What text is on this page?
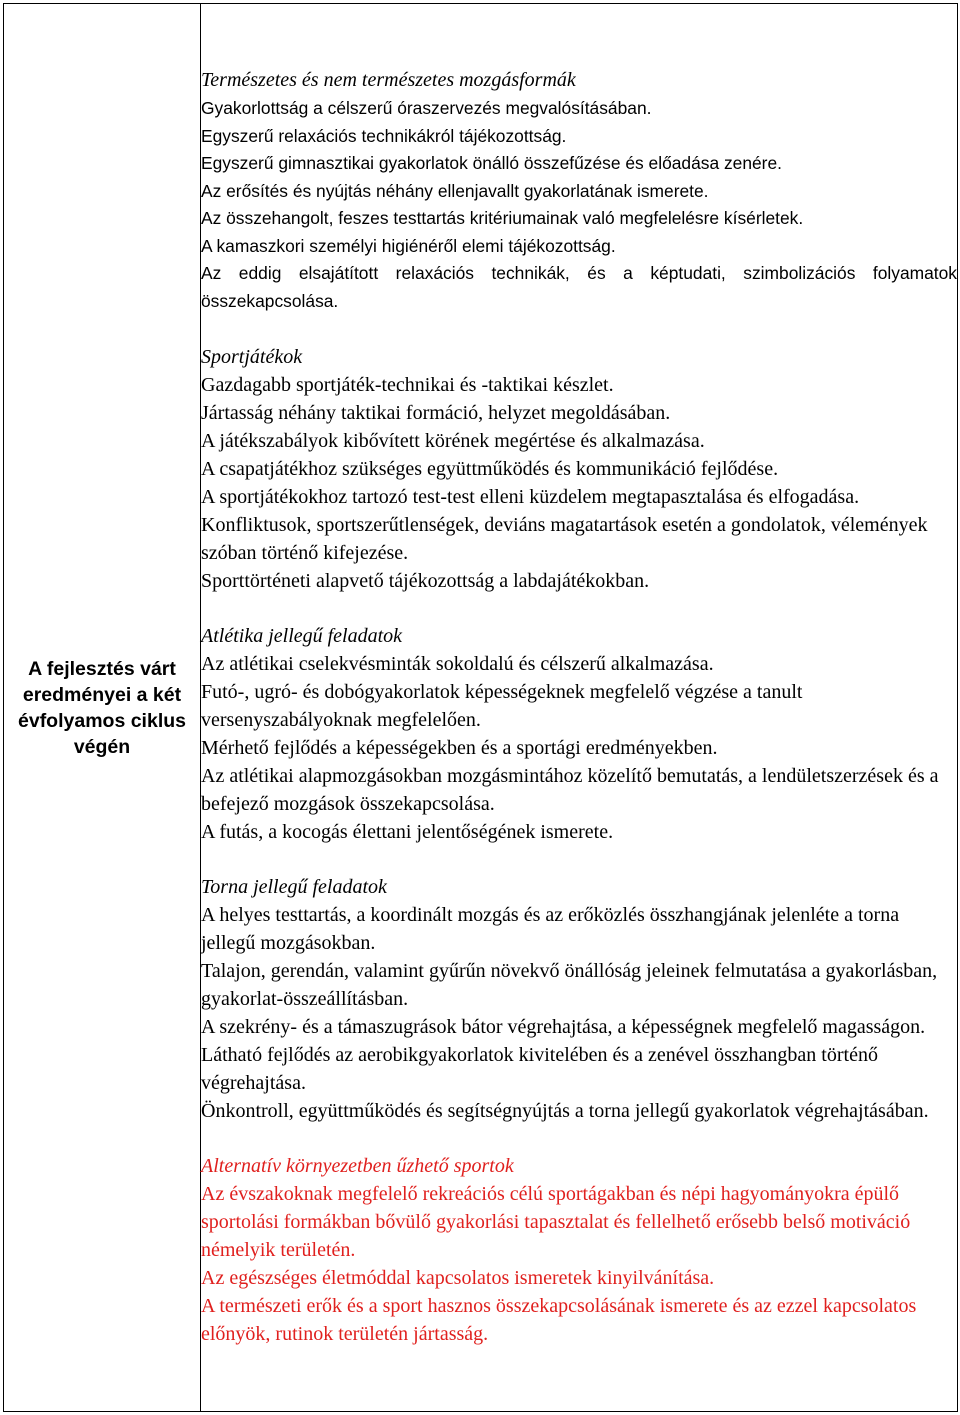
A fejlesztés várt eredményei a két évfolyamos ciklus végén

Természetes és nem természetes mozgásformák
Gyakorlottság a célszerű óraszervezés megvalósításában.
Egyszerű relaxációs technikákról tájékozottság.
Egyszerű gimnasztikai gyakorlatok önálló összefűzése és előadása zenére.
Az erősítés és nyújtás néhány ellenjavallt gyakorlatának ismerete.
Az összehangolt, feszes testtartás kritériumainak való megfelelésre kísérletek.
A kamaszkori személyi higiénéről elemi tájékozottság.
Az eddig elsajátított relaxációs technikák, és a képtudati, szimbolizációs folyamatok összekapcsolása.
Sportjátékok
Gazdagabb sportjáték-technikai és -taktikai készlet.
Jártasság néhány taktikai formáció, helyzet megoldásában.
A játékszabályok kibővített körének megértése és alkalmazása.
A csapatjátékhoz szükséges együttműködés és kommunikáció fejlődése.
A sportjátékokhoz tartozó test-test elleni küzdelem megtapasztalása és elfogadása.
Konfliktusok, sportszerűtlenségek, deviáns magatartások esetén a gondolatok, vélemények szóban történő kifejezése.
Sporttörténeti alapvető tájékozottság a labdajátékokban.
Atlétika jellegű feladatok
Az atlétikai cselekvésminták sokoldalú és célszerű alkalmazása.
Futó-, ugró- és dobógyakorlatok képességeknek megfelelő végzése a tanult versenyszabályoknak megfelelően.
Mérhető fejlődés a képességekben és a sportági eredményekben.
Az atlétikai alapmozgásokban mozgásmintához közelítő bemutatás, a lendületszerzések és a befejező mozgások összekapcsolása.
A futás, a kocogás élettani jelentőségének ismerete.
Torna jellegű feladatok
A helyes testtartás, a koordinált mozgás és az erőközlés összhangjának jelenléte a torna jellegű mozgásokban.
Talajon, gerendán, valamint gyűrűn növekvő önállóság jeleinek felmutatása a gyakorlásban, gyakorlat-összeállításban.
A szekrény- és a támaszugrások bátor végrehajtása, a képességnek megfelelő magasságon.
Látható fejlődés az aerobikgyakorlatok kivitelében és a zenével összhangban történő végrehajtása.
Önkontroll, együttműködés és segítségnyújtás a torna jellegű gyakorlatok végrehajtásában.
Alternatív környezetben űzhető sportok
Az évszakoknak megfelelő rekreációs célú sportágakban és népi hagyományokra épülő sportolási formákban bővülő gyakorlási tapasztalat és fellelhető erősebb belső motiváció némelyik területén.
Az egészséges életmóddal kapcsolatos ismeretek kinyilvánítása.
A természeti erők és a sport hasznos összekapcsolásának ismerete és az ezzel kapcsolatos előnyök, rutinok területén jártasság.
